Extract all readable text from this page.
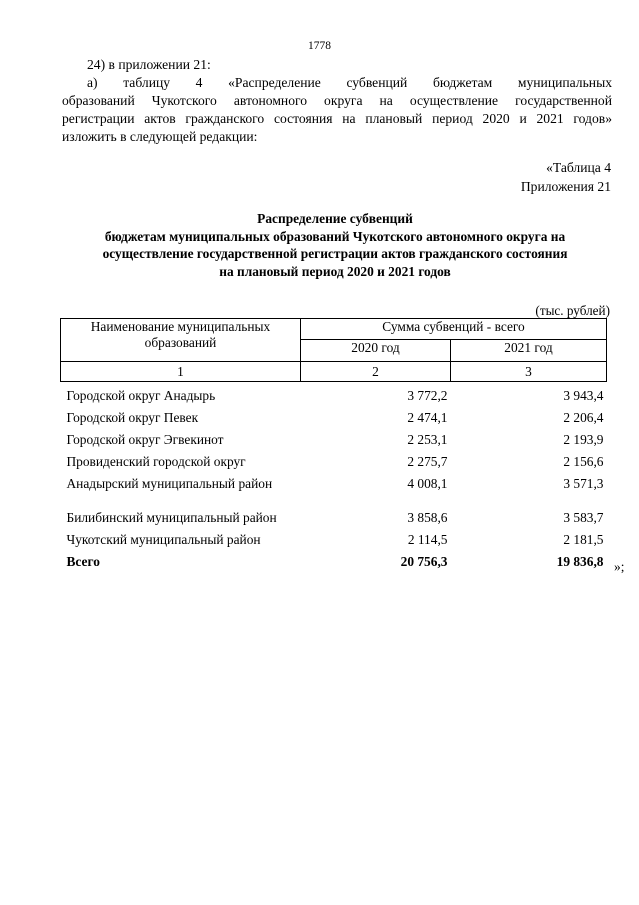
1778
24) в приложении 21:
а) таблицу 4 «Распределение субвенций бюджетам муниципальных
образований Чукотского автономного округа на осуществление государственной
регистрации актов гражданского состояния на плановый период 2020 и 2021 годов»
изложить в следующей редакции:
«Таблица 4
Приложения 21
Распределение субвенций
бюджетам муниципальных образований Чукотского автономного округа на
осуществление государственной регистрации актов гражданского состояния
на плановый период 2020 и 2021 годов
(тыс. рублей)
Наименование муниципальных образований	Сумма субвенций - всего	
	2020 год	2021 год
1	2	3
Городской округ Анадырь	3 772,2	3 943,4
Городской округ Певек	2 474,1	2 206,4
Городской округ Эгвекинот	2 253,1	2 193,9
Провиденский городской округ	2 275,7	2 156,6
Анадырский муниципальный район	4 008,1	3 571,3
Билибинский муниципальный район	3 858,6	3 583,7
Чукотский муниципальный район	2 114,5	2 181,5
Всего	20 756,3	19 836,8 »;
